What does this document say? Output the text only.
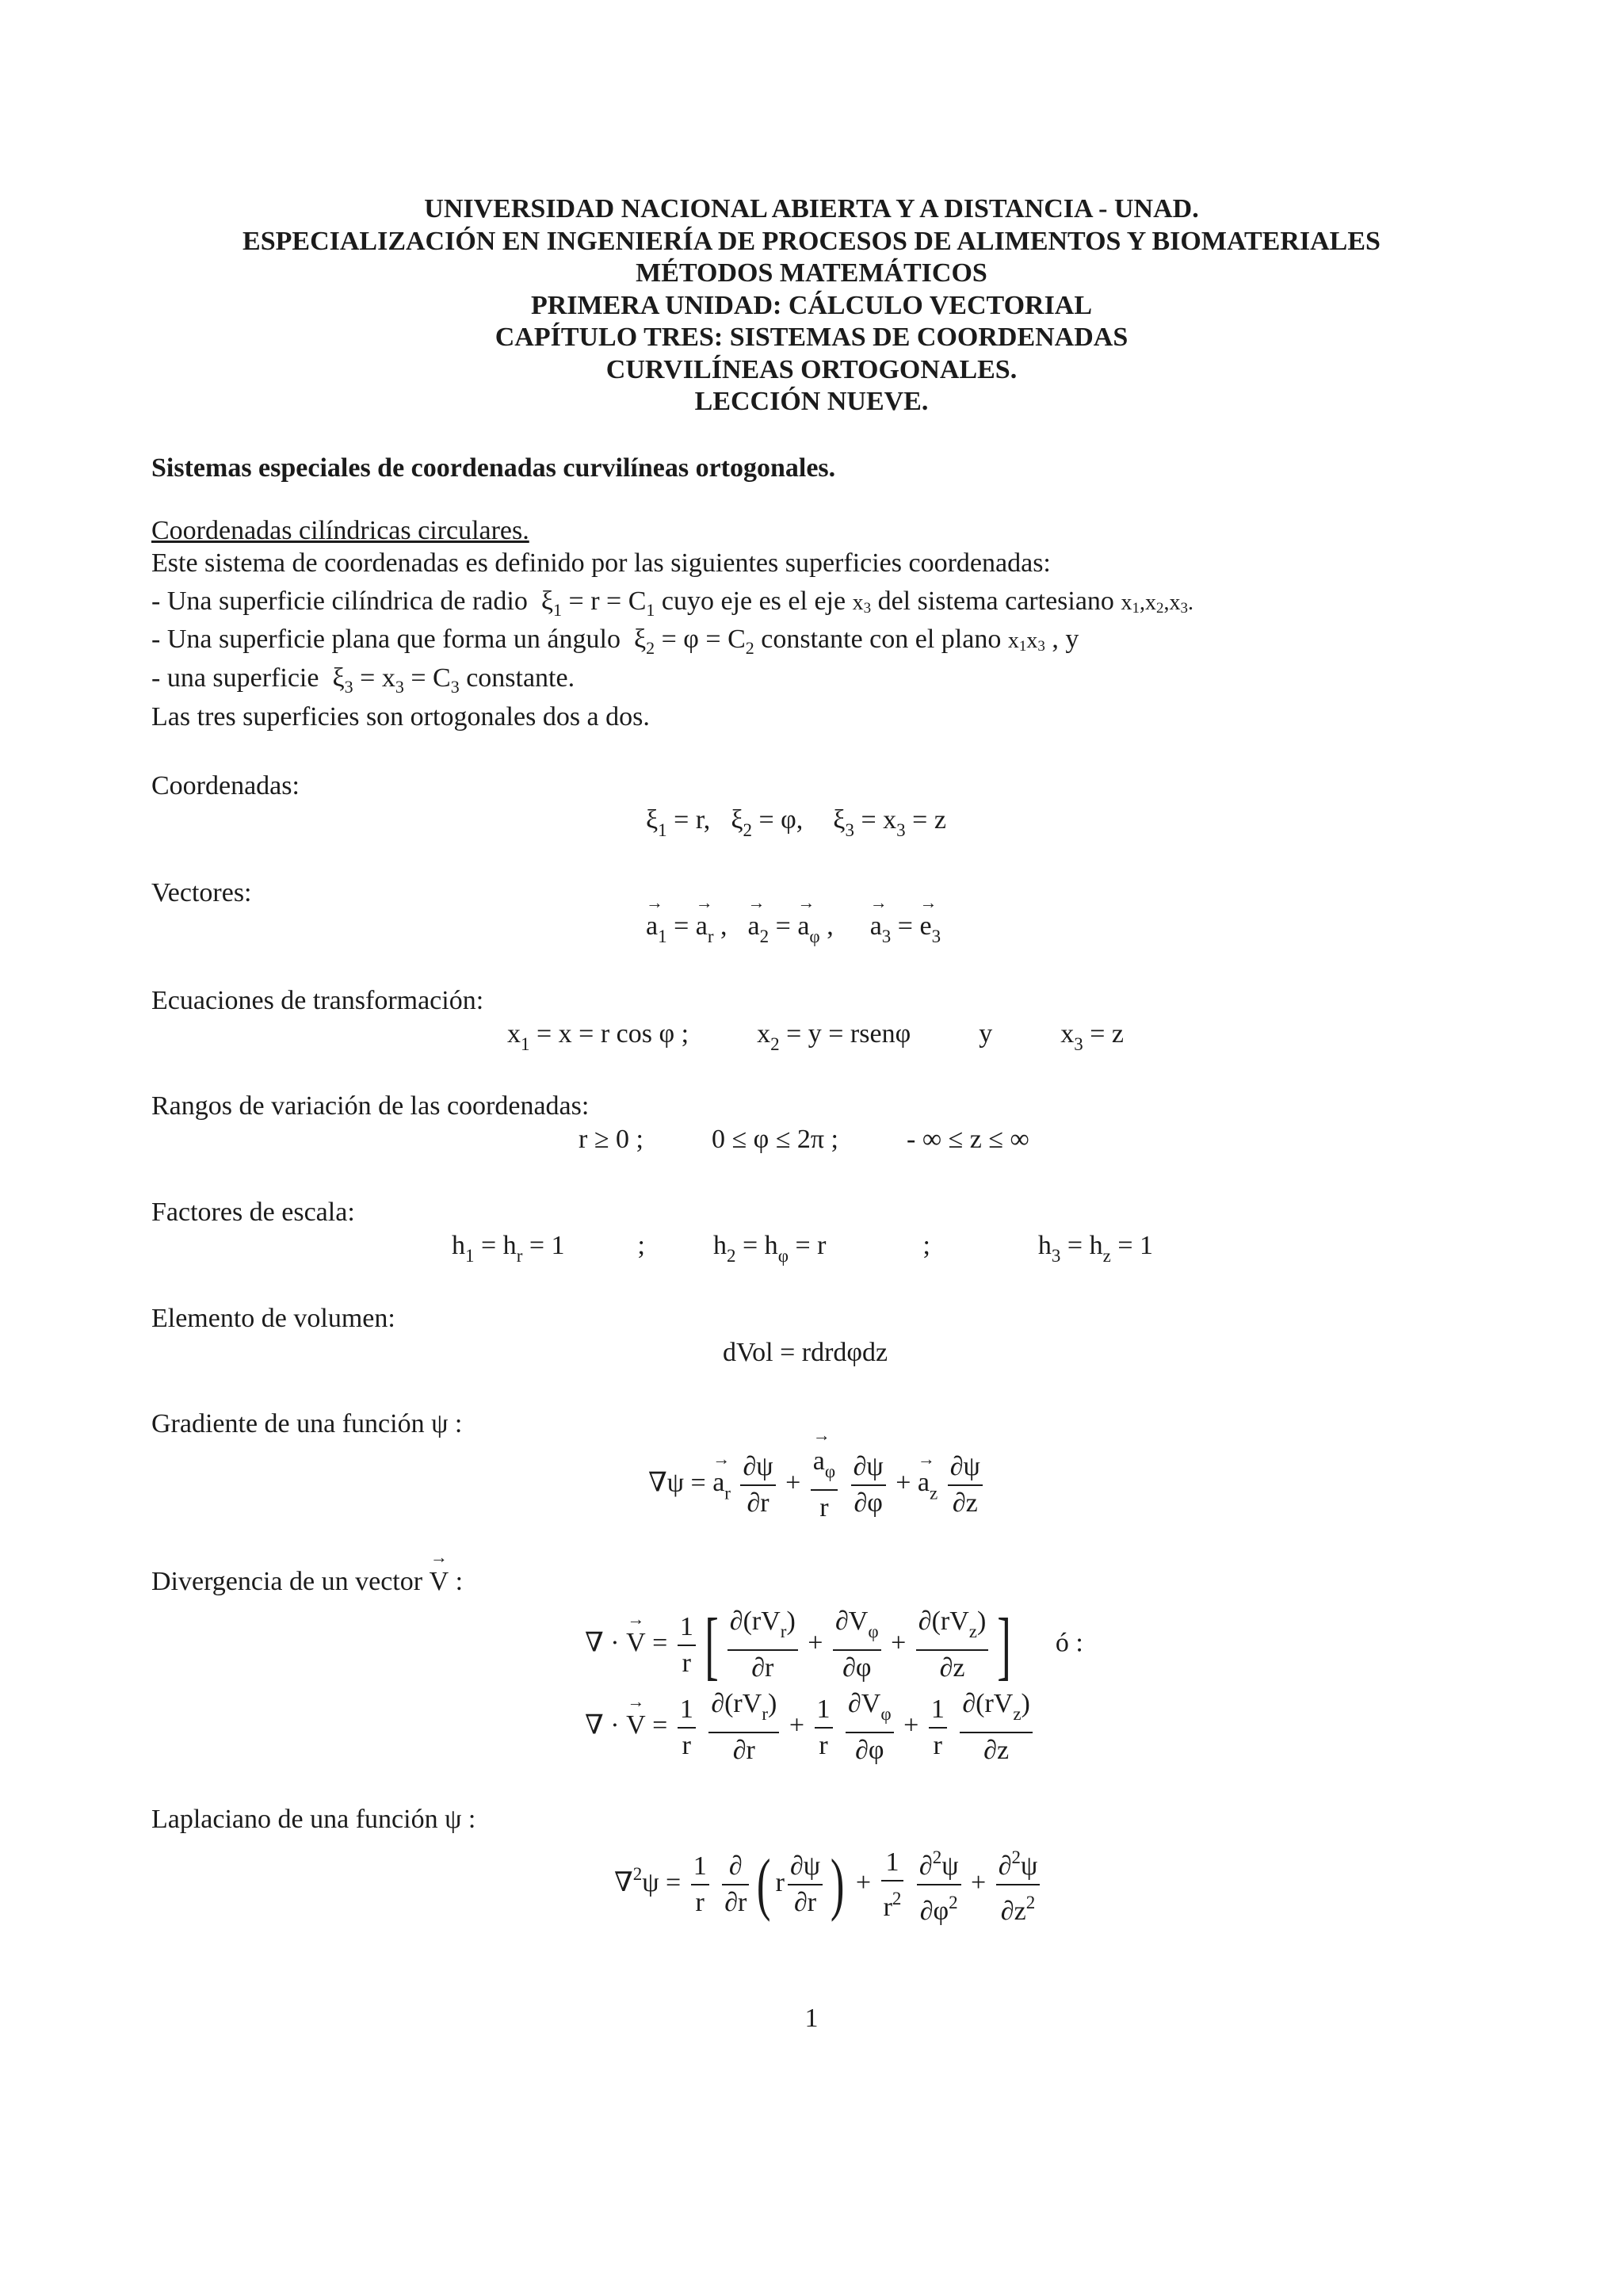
UNIVERSIDAD NACIONAL ABIERTA Y A DISTANCIA - UNAD.
ESPECIALIZACIÓN EN INGENIERÍA DE PROCESOS DE ALIMENTOS Y BIOMATERIALES
MÉTODOS MATEMÁTICOS
PRIMERA UNIDAD: CÁLCULO VECTORIAL
CAPÍTULO TRES: SISTEMAS DE COORDENADAS
CURVILÍNEAS ORTOGONALES.
LECCIÓN NUEVE.
Sistemas especiales de coordenadas curvilíneas ortogonales.
Coordenadas cilíndricas circulares.
Este sistema de coordenadas es definido por las siguientes superficies coordenadas:
- Una superficie cilíndrica de radio  $\xi_1 = r = C_1$ cuyo eje es el eje $x_3$ del sistema cartesiano $x_1,x_2,x_3$.
- Una superficie plana que forma un ángulo  $\xi_2 = \varphi = C_2$ constante con el plano $x_1x_3$ , y
- una superficie  $\xi_3 = x_3 = C_3$ constante.
Las tres superficies son ortogonales dos a dos.
Coordenadas:
$\xi_1 = r$, $\xi_2 = \varphi$, $\xi_3 = x_3 = z$
Vectores:
→ $a_1$ = → $a_r$ , → $a_2$ = → $a_\varphi$ , → $a_3$ = → $e_3$
Ecuaciones de transformación:
$x_1 = x = r$ cos φ ;	$x_2 = y$ = rsenφ	y	$x_3 = z$
Rangos de variación de las coordenadas:
r ≥ 0 ;	0 ≤ φ ≤ 2π ;	- ∞ ≤ z ≤ ∞
Factores de escala:
$h_1 = h_r = 1$	;	$h_2 = h_\varphi = r$	;	$h_3 = h_z = 1$
Elemento de volumen:
dVol = rdrdφdz
Gradiente de una función ψ :
∇ψ = → $a_r \frac{\partial\psi}{\partial r}$ + → $\frac{a_\varphi}{r}$
$\frac{\partial\psi}{\partial\varphi}$ + → $a_z \frac{\partial\psi}{\partial z}$
Divergencia de un vector → V :
∇ · → $V = \frac{1}{r}$ [ $\frac{\partial(rV_r)}{\partial r} + \frac{\partial V_\varphi}{\partial\varphi} + \frac{\partial(rV_z)}{\partial z}$ ] ó :
∇ · → $V = \frac{1}{r}$
$\frac{\partial(rV_r)}{\partial r} + \frac{1}{r}$
$\frac{\partial V_\varphi}{\partial\varphi} + \frac{1}{r}$
$\frac{\partial(rV_z)}{\partial z}$
Laplaciano de una función ψ :
$\nabla^2\psi = \frac{1}{r}$
$\frac{\partial}{\partial r}$ ( r $\frac{\partial\psi}{\partial r}$ ) + $\frac{1}{r^2}$
$\frac{\partial^2\psi}{\partial\varphi^2} + \frac{\partial^2\psi}{\partial z^2}$
1
